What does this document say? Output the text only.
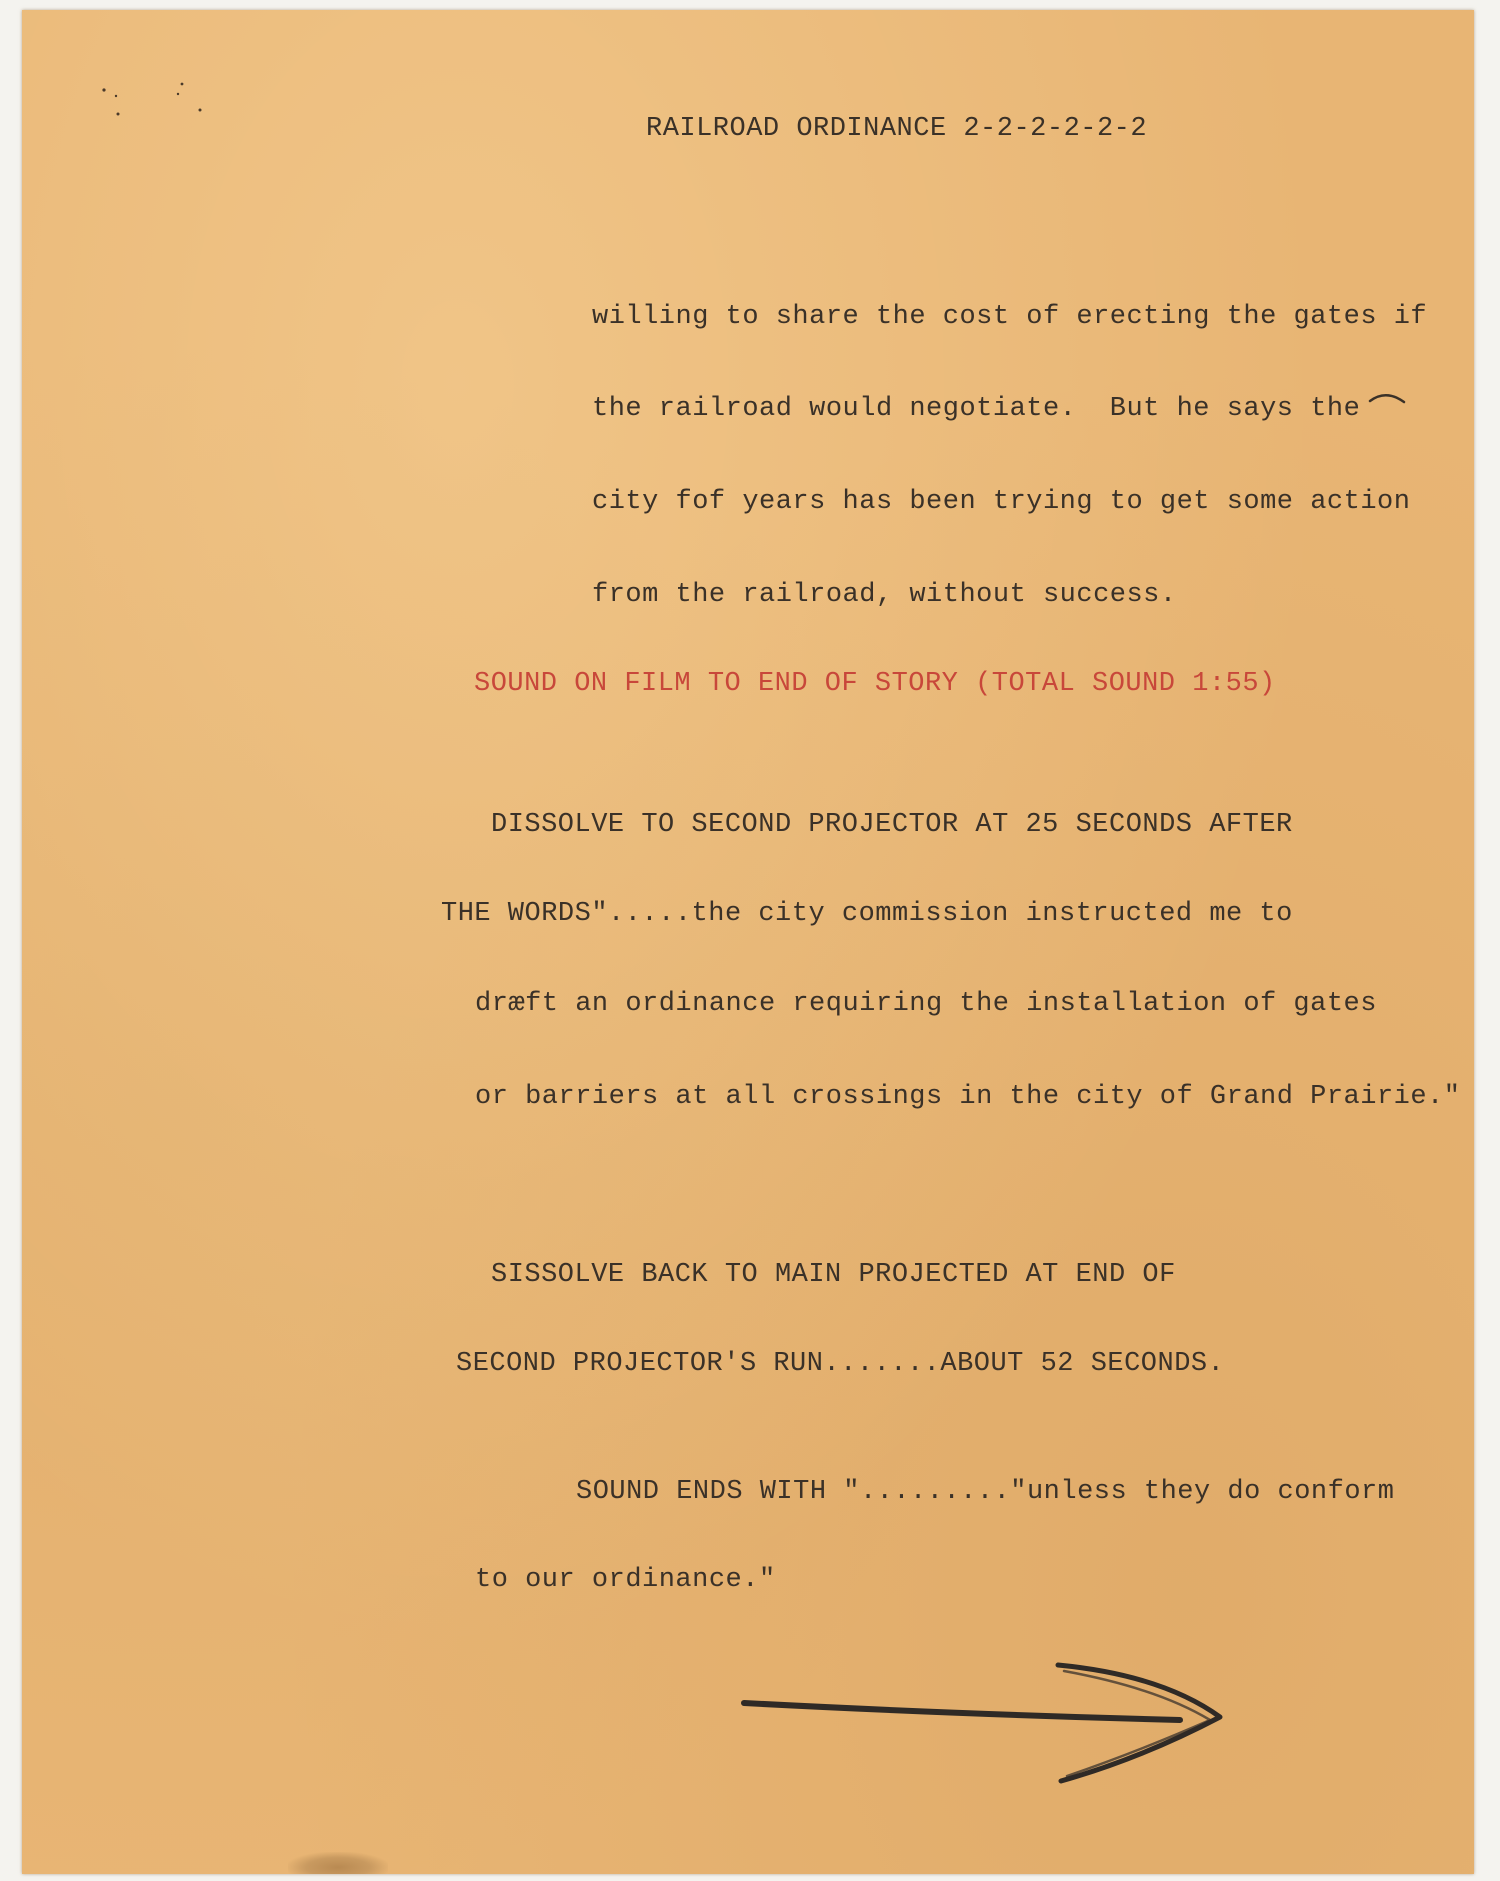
RAILROAD ORDINANCE 2-2-2-2-2-2
willing to share the cost of erecting the gates if
the railroad would negotiate.  But he says the
city fof years has been trying to get some action
from the railroad, without success.
SOUND ON FILM TO END OF STORY (TOTAL SOUND 1:55)
DISSOLVE TO SECOND PROJECTOR AT 25 SECONDS AFTER
THE WORDS".....the city commission instructed me to
dræft an ordinance requiring the installation of gates
or barriers at all crossings in the city of Grand Prairie."
SISSOLVE BACK TO MAIN PROJECTED AT END OF
SECOND PROJECTOR'S RUN.......ABOUT 52 SECONDS.
SOUND ENDS WITH "........."unless they do conform
to our ordinance."
